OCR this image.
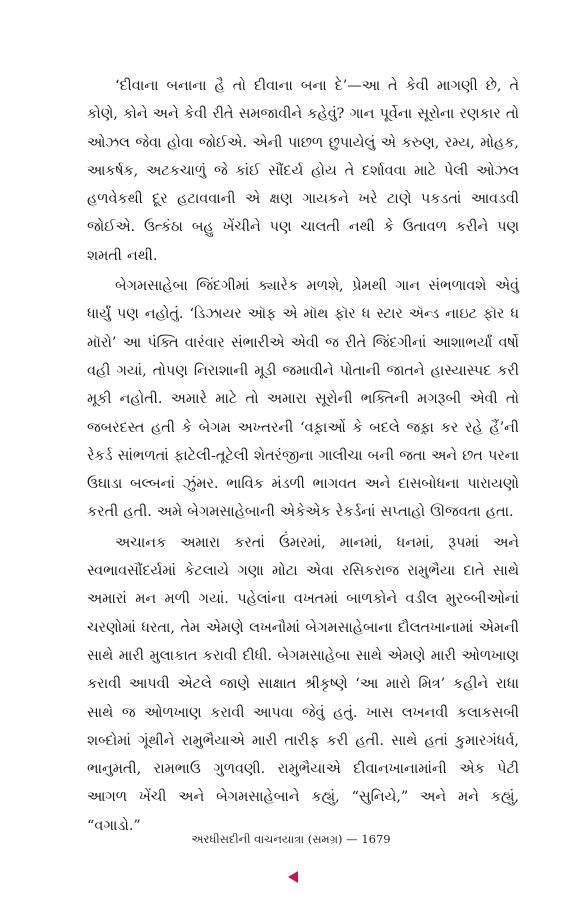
‘દીવાના બનાના હૈ તો દીવાના બના દે’—આ તે કેવી માગણી છે, તે કોણે, કોને અને કેવી રીતે સમજાવીને કહેવું? ગાન પૂર્વેના સૂરોના રણકાર તો ઓઝલ જેવા હોવા જોઈએ. એની પાછળ છુપાયેલું એ કરુણ, રમ્ય, મોહક, આકર્ષક, અટકચાળું જે કાંઈ સૌંદર્ય હોય તે દર્શાવવા માટે પેલી ઓઝલ હળવેકથી દૂર હટાવવાની એ ક્ષણ ગાયકને ખરે ટાણે પકડતાં આવડવી જોઈએ. ઉત્કંઠા બહુ ખેંચીને પણ ચાલતી નથી કે ઉતાવળ કરીને પણ શમતી નથી.

બેગમસાહેબા જિંદગીમાં ક્યારેક મળશે, પ્રેમથી ગાન સંભળાવશે એવું ધાર્યું પણ નહોતું. ‘ડિઝાયર ઑફ એ મૉથ ફૉર ધ સ્ટાર ઍન્ડ નાઇટ ફૉર ધ મૉરો’ આ પંક્તિ વારંવાર સંભારીએ એવી જ રીતે જિંદગીનાં આશાભર્યાં વર્ષો વહી ગયાં, તોપણ નિરાશાની મૂડી જમાવીને પોતાની જાતને હાસ્યાસ્પદ કરી મૂકી નહોતી. અમારે માટે તો અમારા સૂરોની ભક્તિની મગરૂબી એવી તો જબરદસ્ત હતી કે બેગમ અખ્તરની ‘વફ઼ાઓં કે બદલે જફ઼ા કર રહે હૈં’ની રેકર્ડ સાંભળતાં ફાટેલી-તૂટેલી શેતરંજીના ગાલીચા બની જતા અને છત પરના ઉઘાડા બલ્બનાં ઝુંમર. ભાવિક મંડળી ભાગવત અને દાસબોધના પારાયણો કરતી હતી. અમે બેગમસાહેબાની એકેએક રેકર્ડનાં સપ્તાહો ઊજવતા હતા.

અચાનક અમારા કરતાં ઉંમરમાં, માનમાં, ધનમાં, રૂપમાં અને સ્વભાવસૌંદર્યમાં કેટલાયે ગણા મોટા એવા રસિકરાજ રામુભૈયા દાતે સાથે અમારાં મન મળી ગયાં. પહેલાંના વખતમાં બાળકોને વડીલ મુરબ્બીઓનાં ચરણોમાં ધરતા, તેમ એમણે લખનૌમાં બેગમસાહેબાના દૌલતખાનામાં એમની સાથે મારી મુલાકાત કરાવી દીધી. બેગમસાહેબા સાથે એમણે મારી ઓળખાણ કરાવી આપવી એટલે જાણે સાક્ષાત શ્રીકૃષ્ણે ‘આ મારો મિત્ર’ કહીને રાધા સાથે જ ઓળખાણ કરાવી આપવા જેવું હતું. ખાસ લખનવી કલાકસબી શબ્દોમાં ગૂંથીને રામુભૈયાએ મારી તારીફ કરી હતી. સાથે હતાં કુમારગંધર્વ, ભાનુમતી, રામભાઉ ગુળવણી. રામુભૈયાએ દીવાનખાનામાંની એક પેટી આગળ ખેંચી અને બેગમસાહેબાને કહ્યું, “સુનિયે,” અને મને કહ્યું, “વગાડો.”

અરધીસદીની વાચનયાત્રા (સમગ્ર) — 1679
